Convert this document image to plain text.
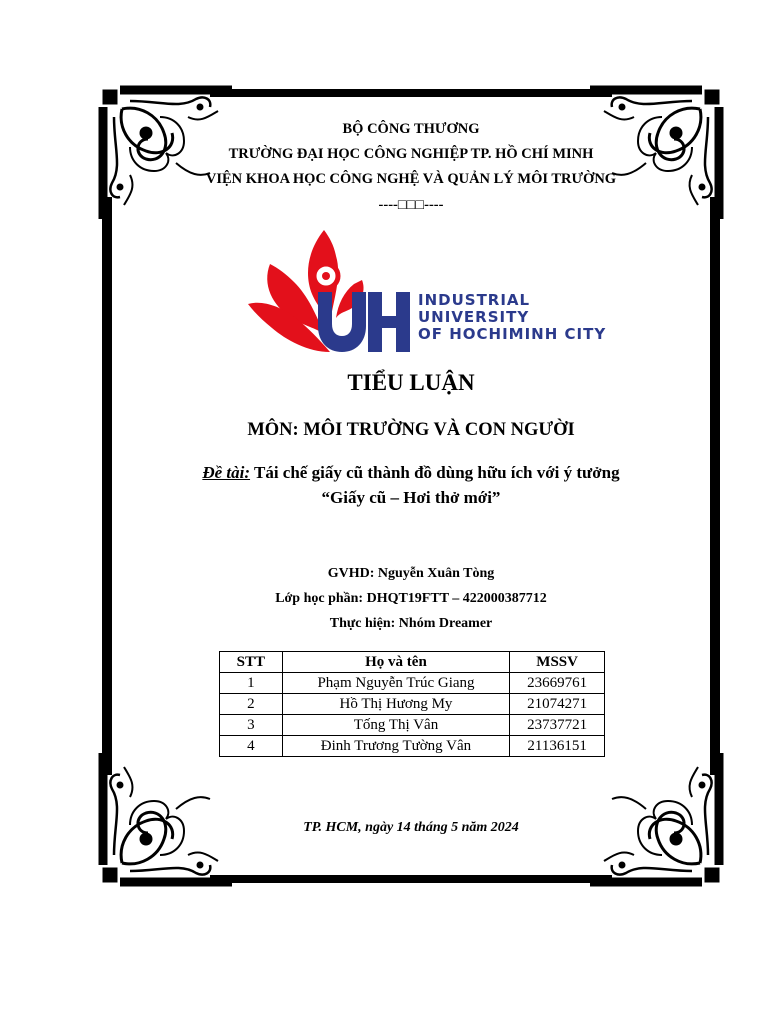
BỘ CÔNG THƯƠNG
TRƯỜNG ĐẠI HỌC CÔNG NGHIỆP TP. HỒ CHÍ MINH
VIỆN KHOA HỌC CÔNG NGHỆ VÀ QUẢN LÝ MÔI TRƯỜNG
----□□□----
INDUSTRIAL
UNIVERSITY
OF HOCHIMINH CITY
TIỂU LUẬN
MÔN: MÔI TRƯỜNG VÀ CON NGƯỜI
Đề tài: Tái chế giấy cũ thành đồ dùng hữu ích với ý tưởng
“Giấy cũ – Hơi thở mới”
GVHD: Nguyễn Xuân Tòng
Lớp học phần: DHQT19FTT – 422000387712
Thực hiện: Nhóm Dreamer
STT	Họ và tên	MSSV
1	Phạm Nguyễn Trúc Giang	23669761
2	Hồ Thị Hương My	21074271
3	Tống Thị Vân	23737721
4	Đinh Trương Tường Vân	21136151
TP. HCM, ngày 14 tháng 5 năm 2024
